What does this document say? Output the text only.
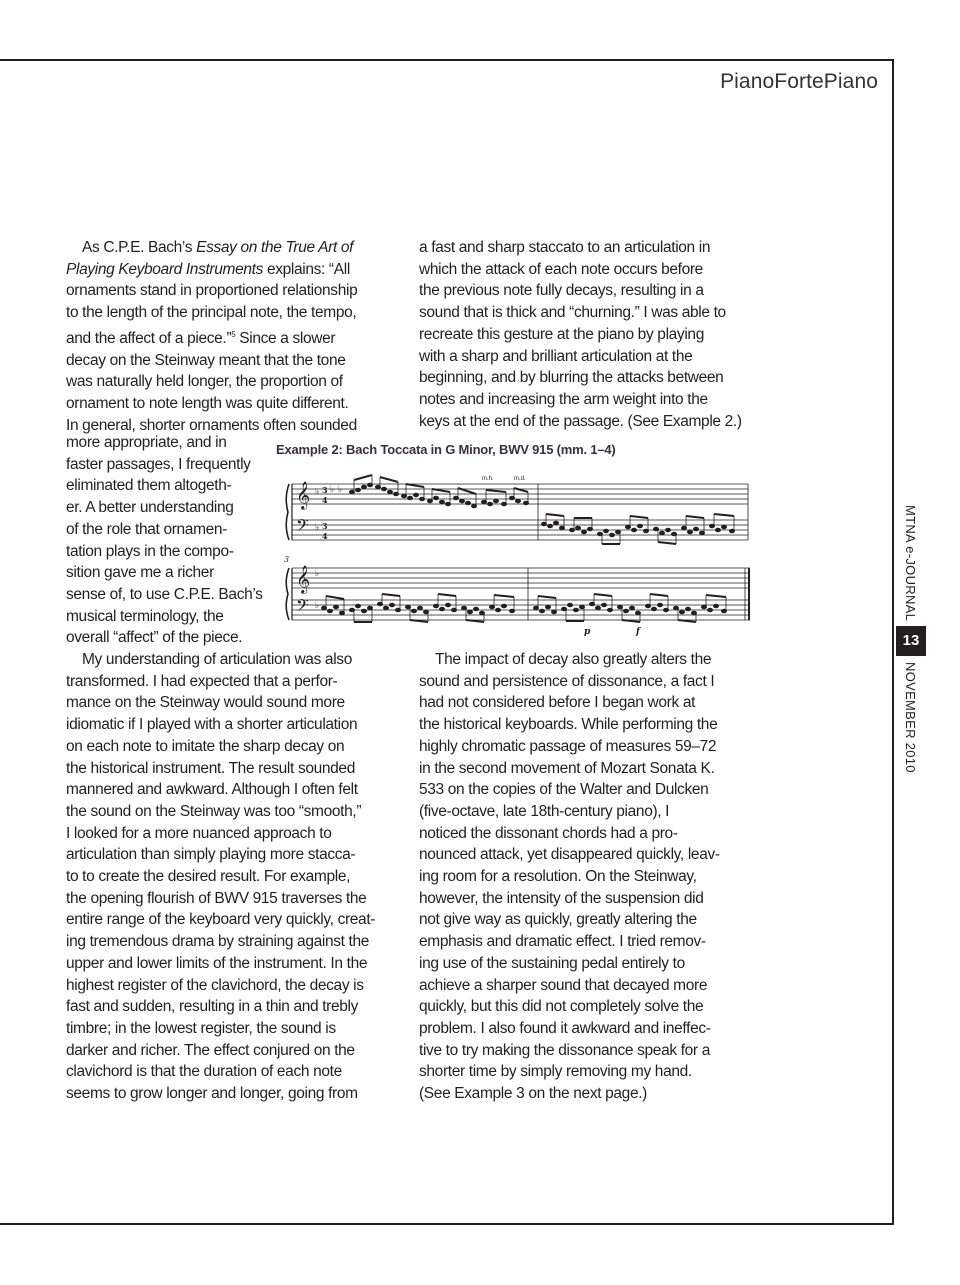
PianoFortePiano
MTNA e-JOURNAL
13
NOVEMBER 2010
As C.P.E. Bach’s Essay on the True Art of
Playing Keyboard Instruments explains: “All
ornaments stand in proportioned relationship
to the length of the principal note, the tempo,
and the affect of a piece.”$^5$ Since a slower
decay on the Steinway meant that the tone
was naturally held longer, the proportion of
ornament to note length was quite different.
In general, shorter ornaments often sounded
more appropriate, and in
faster passages, I frequently
eliminated them altogeth-
er. A better understanding
of the role that ornamen-
tation plays in the compo-
sition gave me a richer
sense of, to use C.P.E. Bach’s
musical terminology, the
overall “affect” of the piece.
My understanding of articulation was also
transformed. I had expected that a perfor-
mance on the Steinway would sound more
idiomatic if I played with a shorter articulation
on each note to imitate the sharp decay on
the historical instrument. The result sounded
mannered and awkward. Although I often felt
the sound on the Steinway was too “smooth,”
I looked for a more nuanced approach to
articulation than simply playing more stacca-
to to create the desired result. For example,
the opening flourish of BWV 915 traverses the
entire range of the keyboard very quickly, creat-
ing tremendous drama by straining against the
upper and lower limits of the instrument. In the
highest register of the clavichord, the decay is
fast and sudden, resulting in a thin and trebly
timbre; in the lowest register, the sound is
darker and richer. The effect conjured on the
clavichord is that the duration of each note
seems to grow longer and longer, going from
a fast and sharp staccato to an articulation in
which the attack of each note occurs before
the previous note fully decays, resulting in a
sound that is thick and “churning.” I was able to
recreate this gesture at the piano by playing
with a sharp and brilliant articulation at the
beginning, and by blurring the attacks between
notes and increasing the arm weight into the
keys at the end of the passage. (See Example 2.)
Example 2: Bach Toccata in G Minor, BWV 915 (mm. 1–4)
𝄞
𝄢
𝄞
𝄢
♭
♭
♭
♭
3
4
3
4
♭ ♭
m.h.	m.d.
3
p	f
The impact of decay also greatly alters the
sound and persistence of dissonance, a fact I
had not considered before I began work at
the historical keyboards. While performing the
highly chromatic passage of measures 59–72
in the second movement of Mozart Sonata K.
533 on the copies of the Walter and Dulcken
(five-octave, late 18th-century piano), I
noticed the dissonant chords had a pro-
nounced attack, yet disappeared quickly, leav-
ing room for a resolution. On the Steinway,
however, the intensity of the suspension did
not give way as quickly, greatly altering the
emphasis and dramatic effect. I tried remov-
ing use of the sustaining pedal entirely to
achieve a sharper sound that decayed more
quickly, but this did not completely solve the
problem. I also found it awkward and ineffec-
tive to try making the dissonance speak for a
shorter time by simply removing my hand.
(See Example 3 on the next page.)
